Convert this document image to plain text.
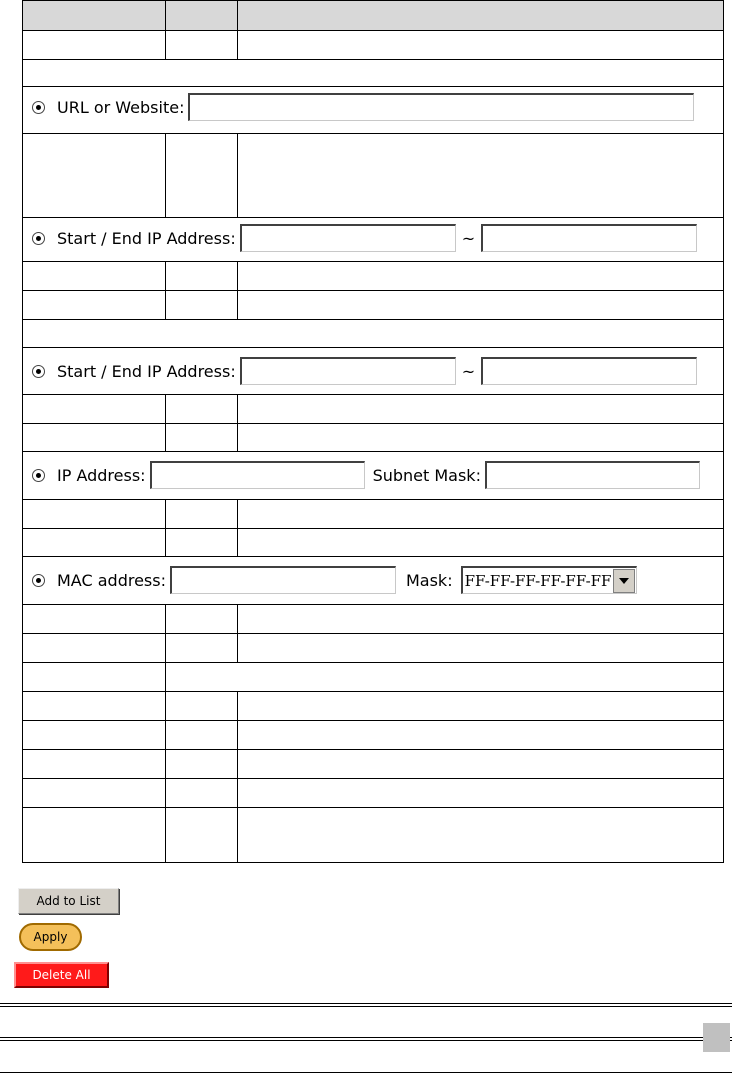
URL or Website:
Start / End IP Address:	~
Start / End IP Address:	~
IP Address:	Subnet Mask:
MAC address:	Mask: FF-FF-FF-FF-FF-FF
Add to List
Apply
Delete All
